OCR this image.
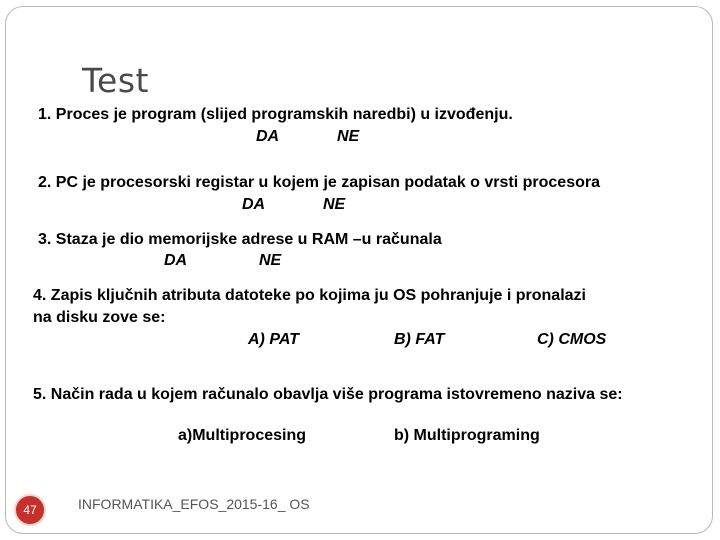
Test
1. Proces je program (slijed programskih naredbi) u izvođenju.
DA	NE
2. PC je procesorski registar u kojem je zapisan podatak o vrsti procesora
DA	NE
3. Staza je dio memorijske adrese u RAM –u računala
DA	NE
4. Zapis ključnih atributa datoteke po kojima ju OS pohranjuje i pronalazi
na disku zove se:
A) PAT	B) FAT	C) CMOS
5. Način rada u kojem računalo obavlja više programa istovremeno naziva se:
a)Multiprocesing	b) Multiprograming
47	INFORMATIKA_EFOS_2015-16_ OS
